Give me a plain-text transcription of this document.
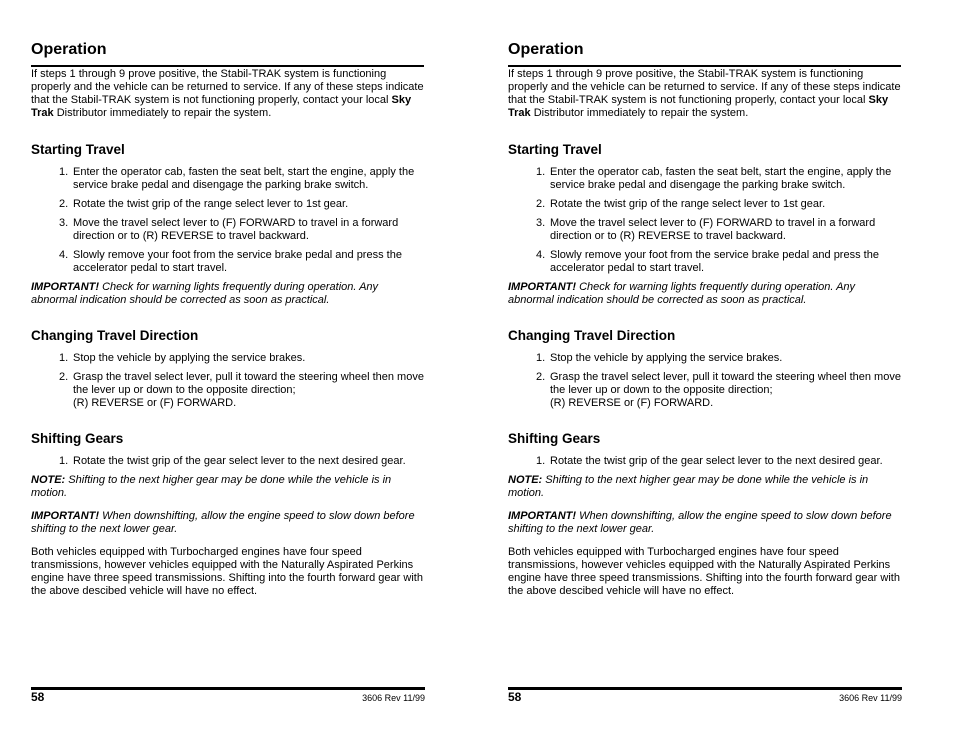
Operation

If steps 1 through 9 prove positive, the Stabil-TRAK system is functioning properly and the vehicle can be returned to service. If any of these steps indicate that the Stabil-TRAK system is not functioning properly, contact your local Sky Trak Distributor immediately to repair the system.

Starting Travel
1. Enter the operator cab, fasten the seat belt, start the engine, apply the service brake pedal and disengage the parking brake switch.
2. Rotate the twist grip of the range select lever to 1st gear.
3. Move the travel select lever to (F) FORWARD to travel in a forward direction or to (R) REVERSE to travel backward.
4. Slowly remove your foot from the service brake pedal and press the accelerator pedal to start travel.

IMPORTANT! Check for warning lights frequently during operation. Any abnormal indication should be corrected as soon as practical.

Changing Travel Direction
1. Stop the vehicle by applying the service brakes.
2. Grasp the travel select lever, pull it toward the steering wheel then move the lever up or down to the opposite direction;
(R) REVERSE or (F) FORWARD.
Shifting Gears
1. Rotate the twist grip of the gear select lever to the next desired gear.

NOTE: Shifting to the next higher gear may be done while the vehicle is in motion.

IMPORTANT! When downshifting, allow the engine speed to slow down before shifting to the next lower gear.

Both vehicles equipped with Turbocharged engines have four speed transmissions, however vehicles equipped with the Naturally Aspirated Perkins engine have three speed transmissions. Shifting into the fourth forward gear with the above descibed vehicle will have no effect.

58	3606 Rev 11/99
Operation

If steps 1 through 9 prove positive, the Stabil-TRAK system is functioning properly and the vehicle can be returned to service. If any of these steps indicate that the Stabil-TRAK system is not functioning properly, contact your local Sky Trak Distributor immediately to repair the system.

Starting Travel
1. Enter the operator cab, fasten the seat belt, start the engine, apply the service brake pedal and disengage the parking brake switch.
2. Rotate the twist grip of the range select lever to 1st gear.
3. Move the travel select lever to (F) FORWARD to travel in a forward direction or to (R) REVERSE to travel backward.
4. Slowly remove your foot from the service brake pedal and press the accelerator pedal to start travel.

IMPORTANT! Check for warning lights frequently during operation. Any abnormal indication should be corrected as soon as practical.

Changing Travel Direction
1. Stop the vehicle by applying the service brakes.
2. Grasp the travel select lever, pull it toward the steering wheel then move the lever up or down to the opposite direction;
(R) REVERSE or (F) FORWARD.
Shifting Gears
1. Rotate the twist grip of the gear select lever to the next desired gear.

NOTE: Shifting to the next higher gear may be done while the vehicle is in motion.

IMPORTANT! When downshifting, allow the engine speed to slow down before shifting to the next lower gear.

Both vehicles equipped with Turbocharged engines have four speed transmissions, however vehicles equipped with the Naturally Aspirated Perkins engine have three speed transmissions. Shifting into the fourth forward gear with the above descibed vehicle will have no effect.

58	3606 Rev 11/99
